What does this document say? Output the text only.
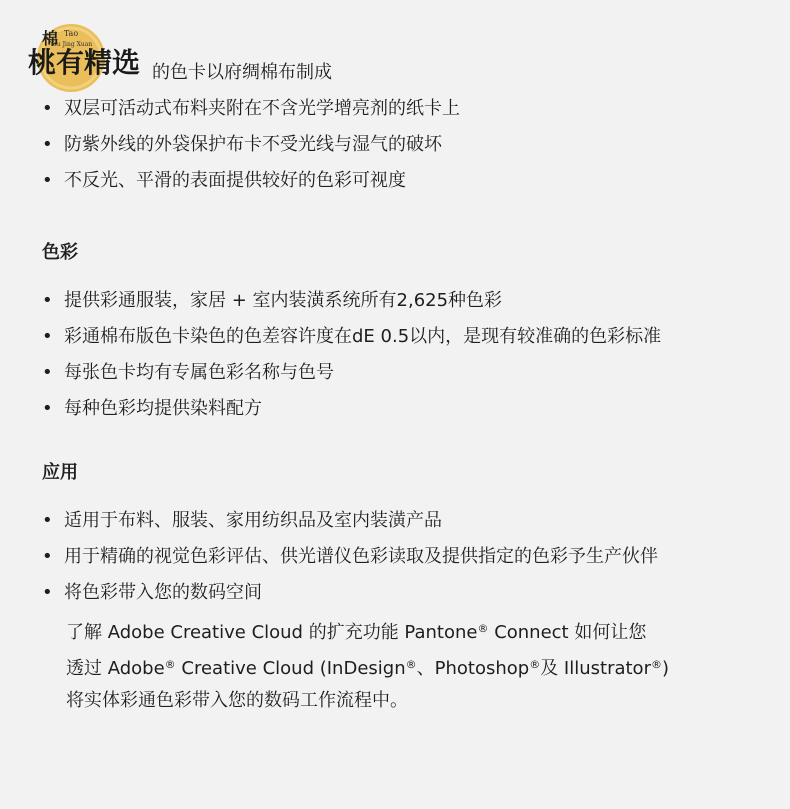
Tao
You Jing Xuan
桃有精选
棉
的色卡以府绸棉布制成
• 双层可活动式布料夹附在不含光学增亮剂的纸卡上
• 防紫外线的外袋保护布卡不受光线与湿气的破坏
• 不反光、平滑的表面提供较好的色彩可视度
色彩
• 提供彩通服装，家居 + 室内装潢系统所有2,625种色彩
• 彩通棉布版色卡染色的色差容许度在dE 0.5以内，是现有较准确的色彩标准
• 每张色卡均有专属色彩名称与色号
• 每种色彩均提供染料配方
应用
• 适用于布料、服装、家用纺织品及室内装潢产品
• 用于精确的视觉色彩评估、供光谱仪色彩读取及提供指定的色彩予生产伙伴
• 将色彩带入您的数码空间
了解 Adobe Creative Cloud 的扩充功能 Pantone® Connect 如何让您
透过 Adobe® Creative Cloud (InDesign®、Photoshop®及 Illustrator®)
将实体彩通色彩带入您的数码工作流程中。
